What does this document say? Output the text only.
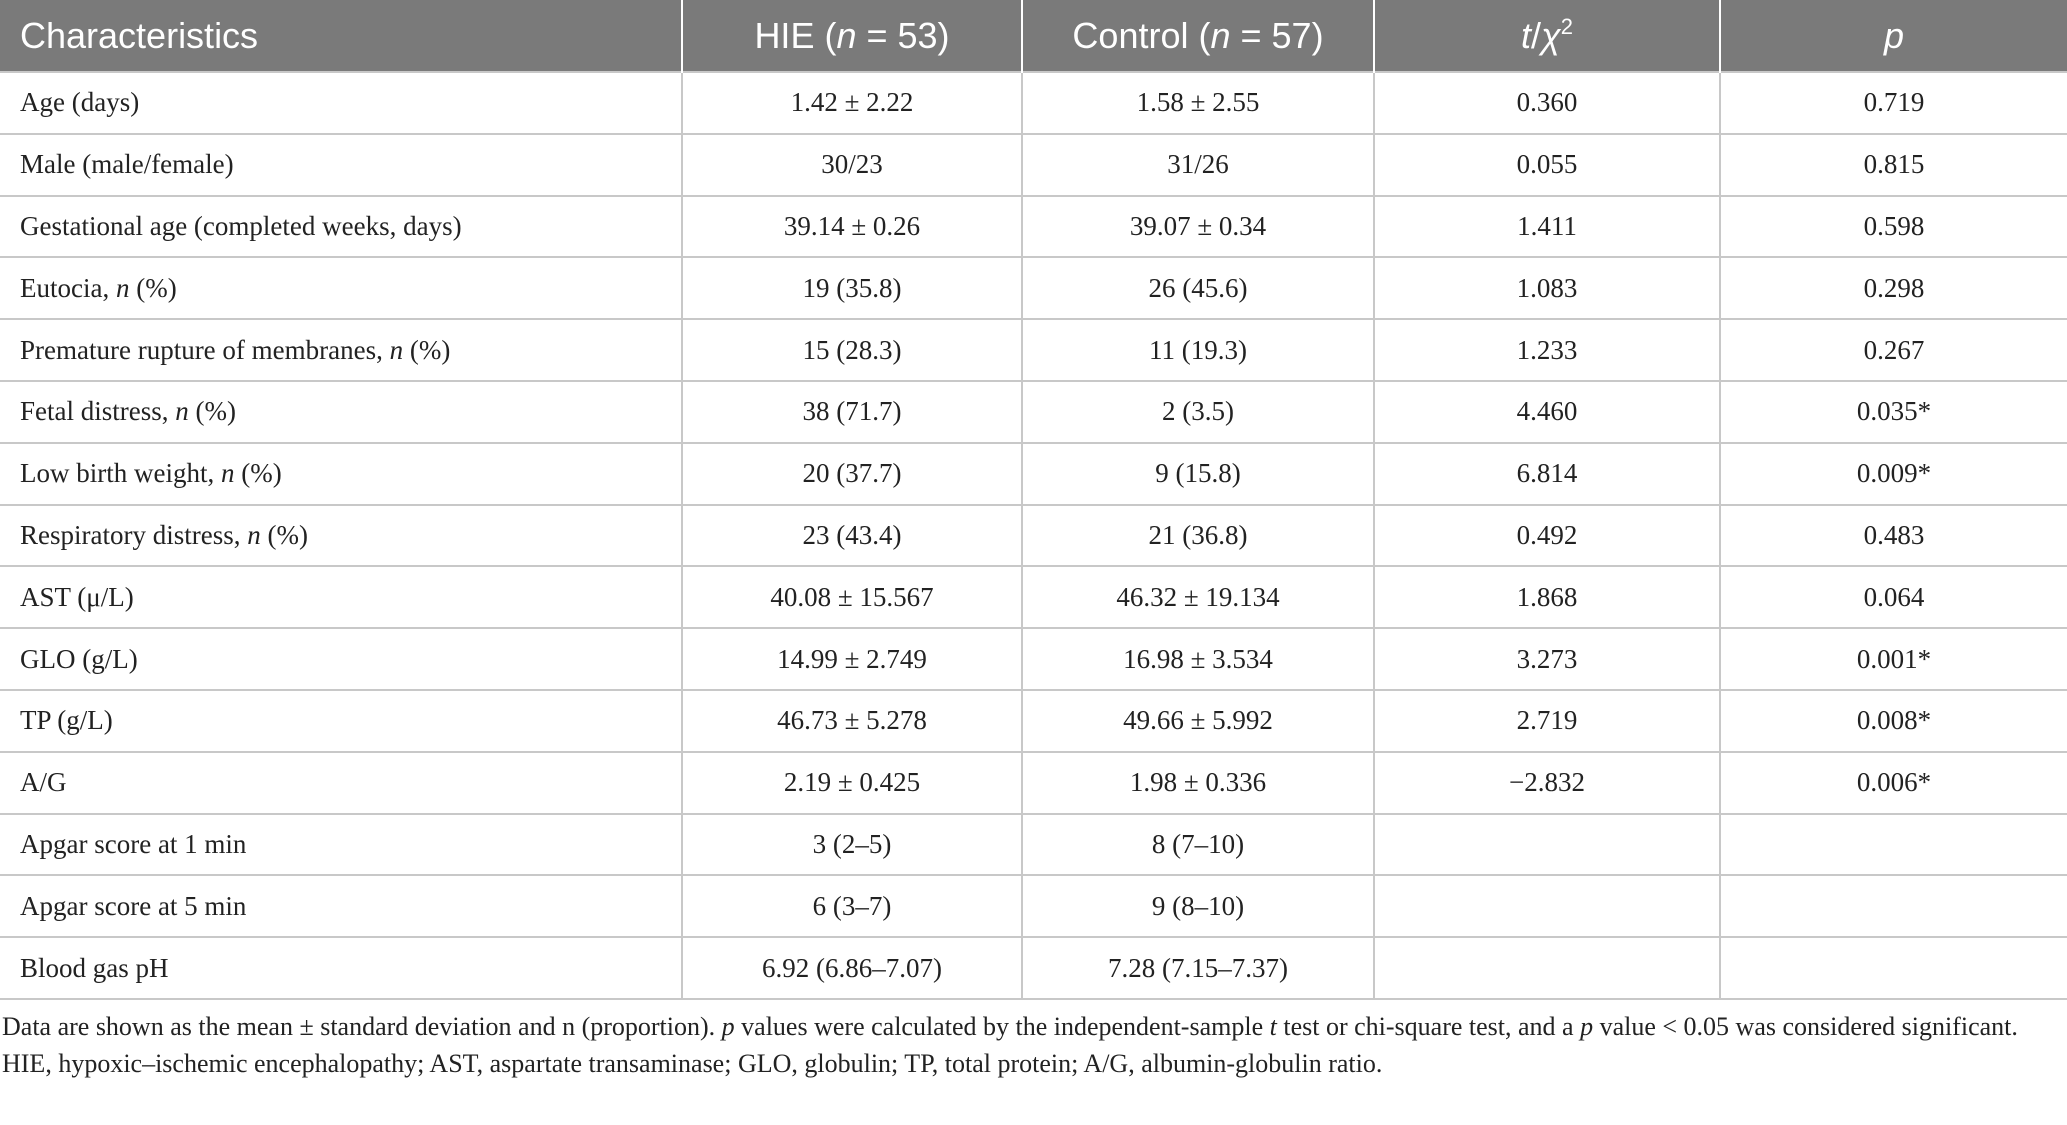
Characteristics	HIE (n = 53)	Control (n = 57)	$t/\chi^2$	p
Age (days)	1.42 ± 2.22	1.58 ± 2.55	0.360	0.719
Male (male/female)	30/23	31/26	0.055	0.815
Gestational age (completed weeks, days)	39.14 ± 0.26	39.07 ± 0.34	1.411	0.598
Eutocia, n (%)	19 (35.8)	26 (45.6)	1.083	0.298
Premature rupture of membranes, n (%)	15 (28.3)	11 (19.3)	1.233	0.267
Fetal distress, n (%)	38 (71.7)	2 (3.5)	4.460	0.035*
Low birth weight, n (%)	20 (37.7)	9 (15.8)	6.814	0.009*
Respiratory distress, n (%)	23 (43.4)	21 (36.8)	0.492	0.483
AST (μ/L)	40.08 ± 15.567	46.32 ± 19.134	1.868	0.064
GLO (g/L)	14.99 ± 2.749	16.98 ± 3.534	3.273	0.001*
TP (g/L)	46.73 ± 5.278	49.66 ± 5.992	2.719	0.008*
A/G	2.19 ± 0.425	1.98 ± 0.336	−2.832	0.006*
Apgar score at 1 min	3 (2–5)	8 (7–10)		
Apgar score at 5 min	6 (3–7)	9 (8–10)		
Blood gas pH	6.92 (6.86–7.07)	7.28 (7.15–7.37)		

Data are shown as the mean ± standard deviation and n (proportion). p values were calculated by the independent-sample t test or chi-square test, and a p value < 0.05 was considered significant.

HIE, hypoxic–ischemic encephalopathy; AST, aspartate transaminase; GLO, globulin; TP, total protein; A/G, albumin-globulin ratio.
